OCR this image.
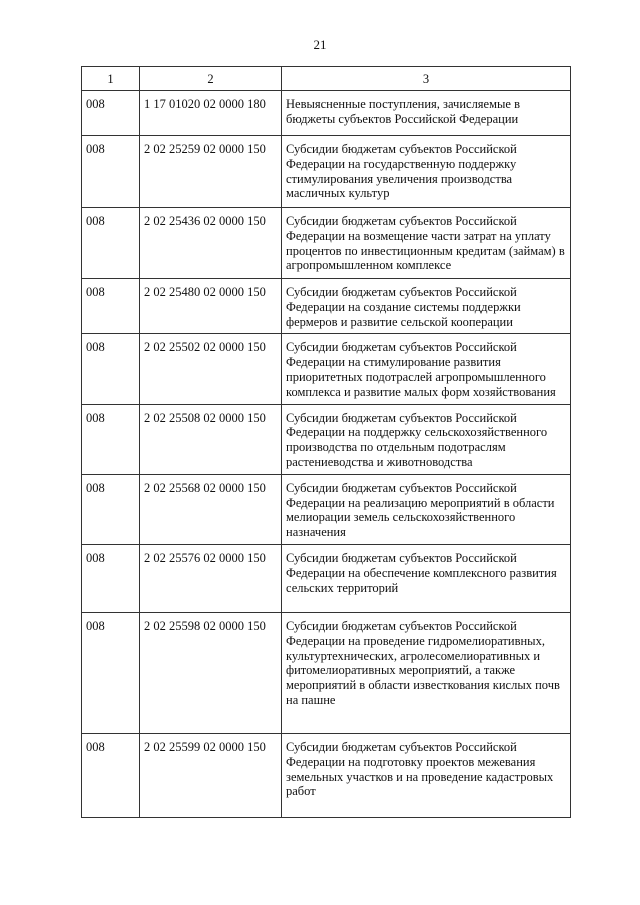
21
1	2	3
008	1 17 01020 02 0000 180	Невыясненные поступления, зачисляемые в бюджеты субъектов Российской Федерации
008	2 02 25259 02 0000 150	Субсидии бюджетам субъектов Российской Федерации на государственную поддержку стимулирования увеличения производства масличных культур
008	2 02 25436 02 0000 150	Субсидии бюджетам субъектов Российской Федерации на возмещение части затрат на уплату процентов по инвестиционным кредитам (займам) в агропромышленном комплексе
008	2 02 25480 02 0000 150	Субсидии бюджетам субъектов Российской Федерации на создание системы поддержки фермеров и развитие сельской кооперации
008	2 02 25502 02 0000 150	Субсидии бюджетам субъектов Российской Федерации на стимулирование развития приоритетных подотраслей агропромышленного комплекса и развитие малых форм хозяйствования
008	2 02 25508 02 0000 150	Субсидии бюджетам субъектов Российской Федерации на поддержку сельскохозяйственного производства по отдельным подотраслям растениеводства и животноводства
008	2 02 25568 02 0000 150	Субсидии бюджетам субъектов Российской Федерации на реализацию мероприятий в области мелиорации земель сельскохозяйственного назначения
008	2 02 25576 02 0000 150	Субсидии бюджетам субъектов Российской Федерации на обеспечение комплексного развития сельских территорий
008	2 02 25598 02 0000 150	Субсидии бюджетам субъектов Российской Федерации на проведение гидромелиоративных, культуртехнических, агролесомелиоративных и фитомелиоративных мероприятий, а также мероприятий в области известкования кислых почв на пашне
008	2 02 25599 02 0000 150	Субсидии бюджетам субъектов Российской Федерации на подготовку проектов межевания земельных участков и на проведение кадастровых работ
